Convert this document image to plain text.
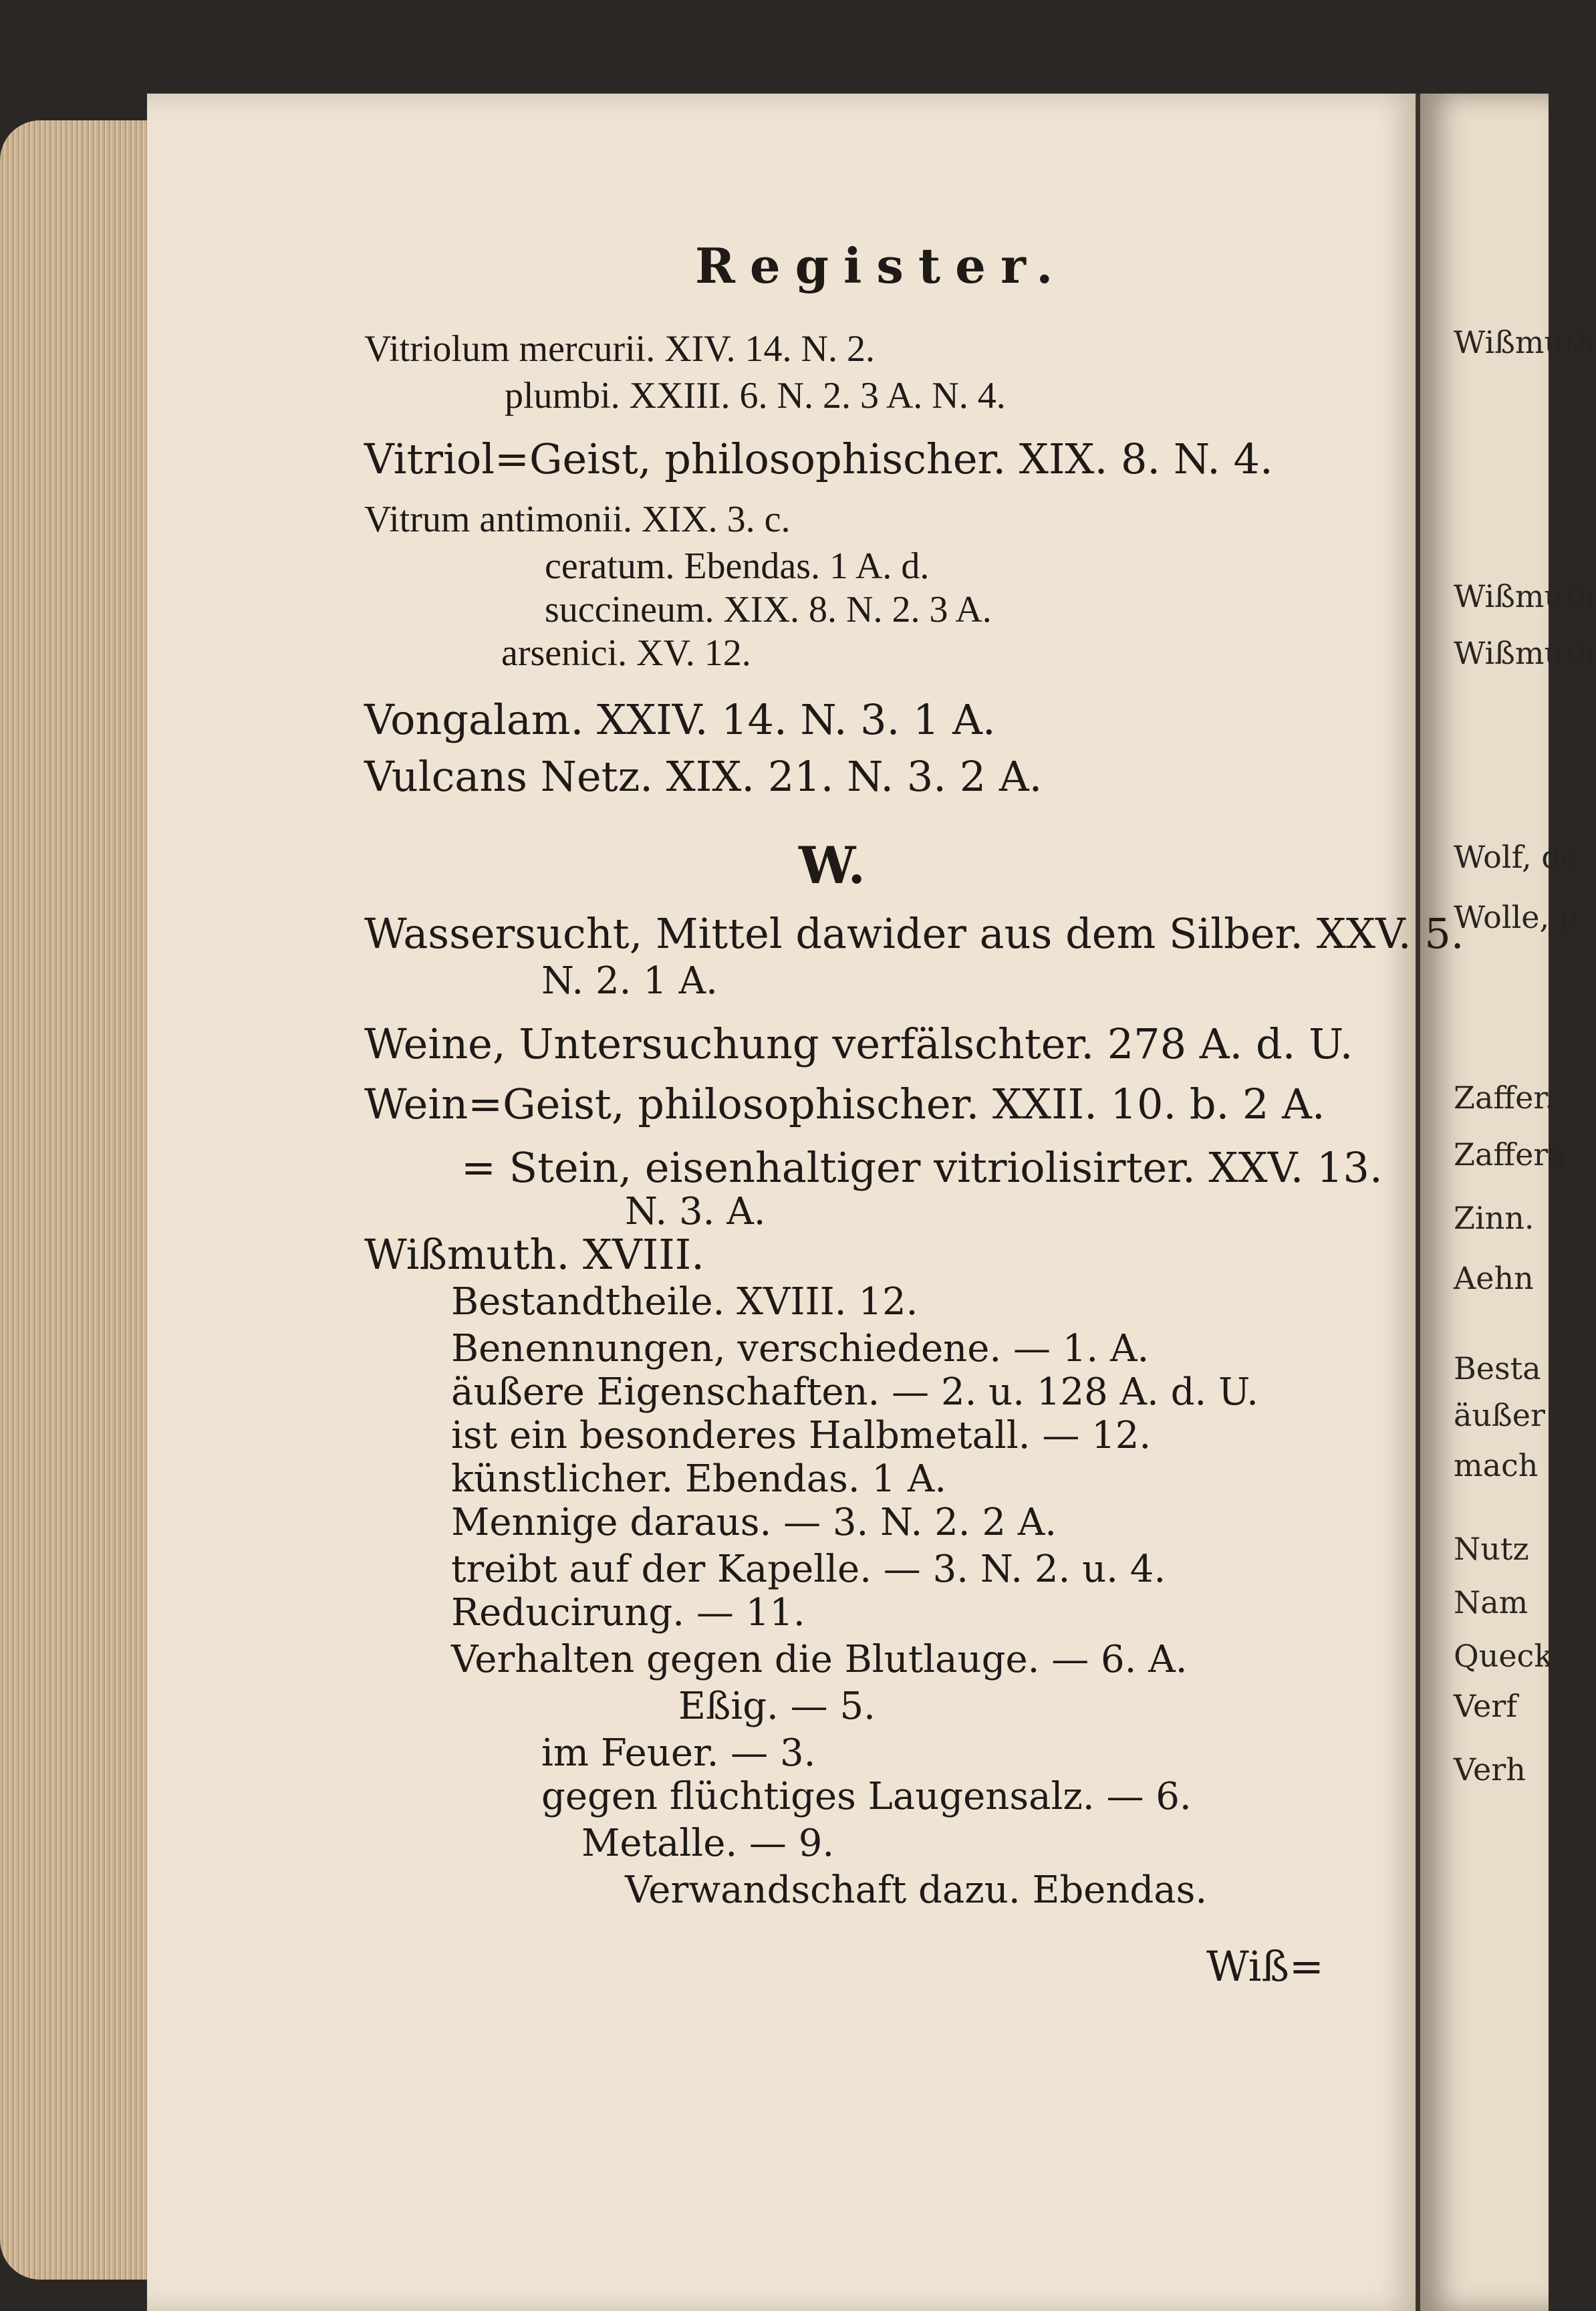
Wißmuth
Wißmuth
Wißmuth
Wolf, de
Wolle, p
Zaffer.
Zaffera.
Zinn.
Aehn
Besta
äußer
mach
Nutz
Nam
Queck
Verf
Verh
Register.
Vitriolum mercurii. XIV. 14. N. 2.
plumbi. XXIII. 6. N. 2. 3 A. N. 4.
Vitriol=Geist, philosophischer. XIX. 8. N. 4.
Vitrum antimonii. XIX. 3. c.
ceratum. Ebendas. 1 A. d.
succineum. XIX. 8. N. 2. 3 A.
arsenici. XV. 12.
Vongalam. XXIV. 14. N. 3. 1 A.
Vulcans Netz. XIX. 21. N. 3. 2 A.
W.
Wassersucht, Mittel dawider aus dem Silber. XXV. 5.
N. 2. 1 A.
Weine, Untersuchung verfälschter. 278 A. d. U.
Wein=Geist, philosophischer. XXII. 10. b. 2 A.
= Stein, eisenhaltiger vitriolisirter. XXV. 13.
N. 3. A.
Wißmuth. XVIII.
Bestandtheile. XVIII. 12.
Benennungen, verschiedene. — 1. A.
äußere Eigenschaften. — 2. u. 128 A. d. U.
ist ein besonderes Halbmetall. — 12.
künstlicher. Ebendas. 1 A.
Mennige daraus. — 3. N. 2. 2 A.
treibt auf der Kapelle. — 3. N. 2. u. 4.
Reducirung. — 11.
Verhalten gegen die Blutlauge. — 6. A.
Eßig. — 5.
im Feuer. — 3.
gegen flüchtiges Laugensalz. — 6.
Metalle. — 9.
Verwandschaft dazu. Ebendas.
Wiß=
